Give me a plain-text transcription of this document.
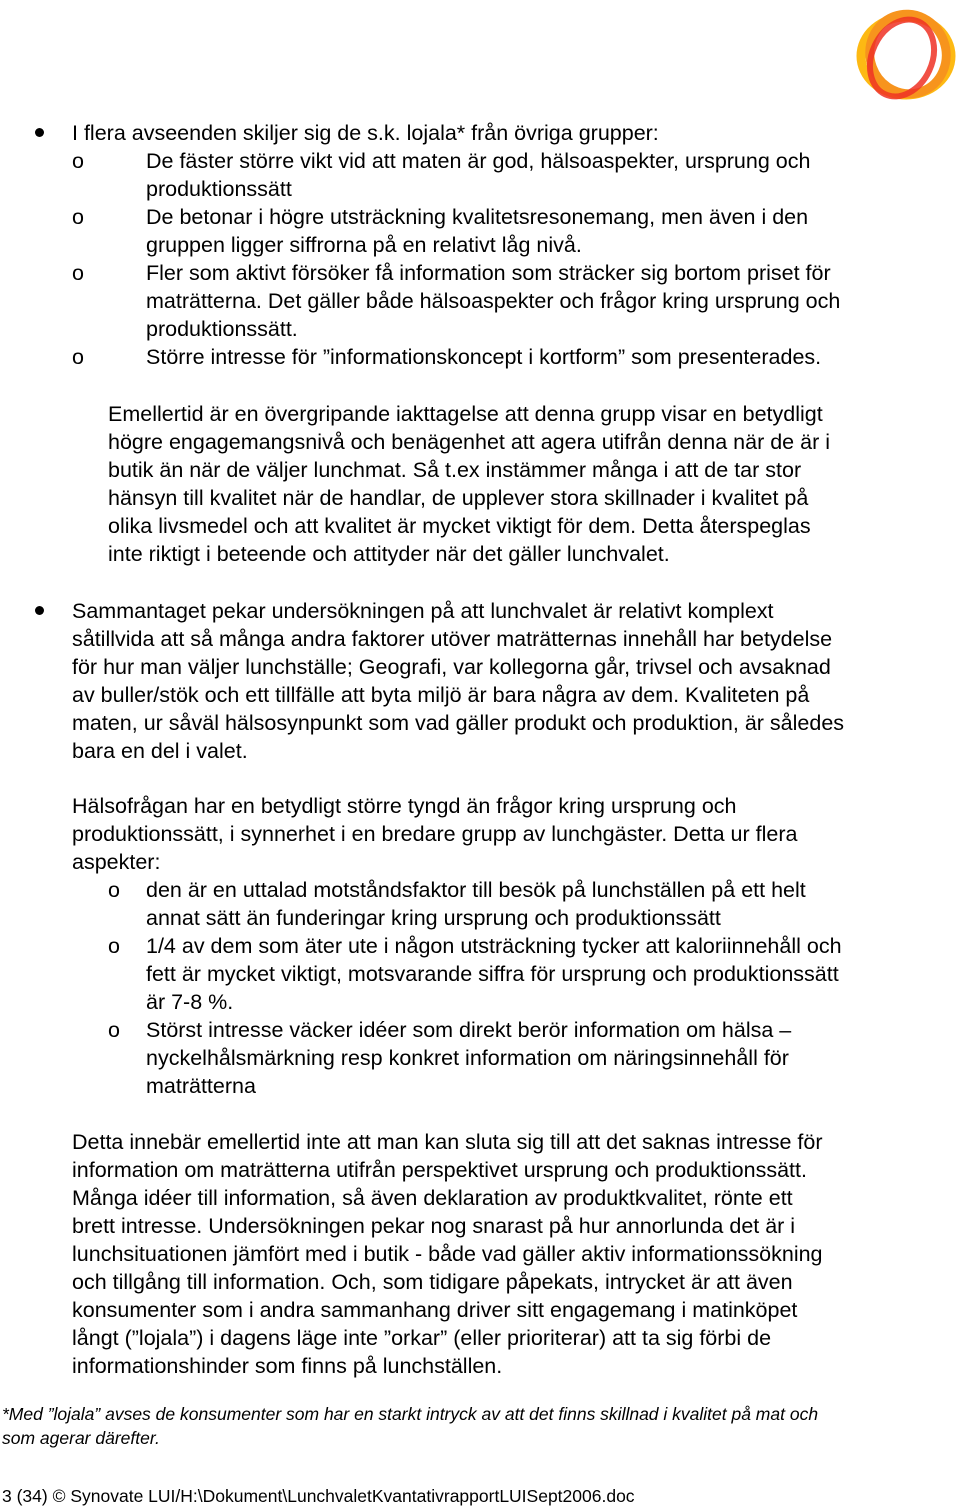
I flera avseenden skiljer sig de s.k. lojala* från övriga grupper:
o	De fäster större vikt vid att maten är god, hälsoaspekter, ursprung och
produktionssätt
o	De betonar i högre utsträckning kvalitetsresonemang, men även i den
gruppen ligger siffrorna på en relativt låg nivå.
o	Fler som aktivt försöker få information som sträcker sig bortom priset för
maträtterna. Det gäller både hälsoaspekter och frågor kring ursprung och
produktionssätt.
o	Större intresse för ”informationskoncept i kortform” som presenterades.
Emellertid är en övergripande iakttagelse att denna grupp visar en betydligt
högre engagemangsnivå och benägenhet att agera utifrån denna när de är i
butik än när de väljer lunchmat. Så t.ex instämmer många i att de tar stor
hänsyn till kvalitet när de handlar, de upplever stora skillnader i kvalitet på
olika livsmedel och att kvalitet är mycket viktigt för dem. Detta återspeglas
inte riktigt i beteende och attityder när det gäller lunchvalet.
Sammantaget pekar undersökningen på att lunchvalet är relativt komplext
såtillvida att så många andra faktorer utöver maträtternas innehåll har betydelse
för hur man väljer lunchställe; Geografi, var kollegorna går, trivsel och avsaknad
av buller/stök och ett tillfälle att byta miljö är bara några av dem. Kvaliteten på
maten, ur såväl hälsosynpunkt som vad gäller produkt och produktion, är således
bara en del i valet.
Hälsofrågan har en betydligt större tyngd än frågor kring ursprung och
produktionssätt, i synnerhet i en bredare grupp av lunchgäster. Detta ur flera
aspekter:
o den är en uttalad motståndsfaktor till besök på lunchställen på ett helt
annat sätt än funderingar kring ursprung och produktionssätt
o 1/4 av dem som äter ute i någon utsträckning tycker att kaloriinnehåll och
fett är mycket viktigt, motsvarande siffra för ursprung och produktionssätt
är 7-8 %.
o Störst intresse väcker idéer som direkt berör information om hälsa –
nyckelhålsmärkning resp konkret information om näringsinnehåll för
maträtterna
Detta innebär emellertid inte att man kan sluta sig till att det saknas intresse för
information om maträtterna utifrån perspektivet ursprung och produktionssätt.
Många idéer till information, så även deklaration av produktkvalitet, rönte ett
brett intresse. Undersökningen pekar nog snarast på hur annorlunda det är i
lunchsituationen jämfört med i butik - både vad gäller aktiv informationssökning
och tillgång till information. Och, som tidigare påpekats, intrycket är att även
konsumenter som i andra sammanhang driver sitt engagemang i matinköpet
långt (”lojala”) i dagens läge inte ”orkar” (eller prioriterar) att ta sig förbi de
informationshinder som finns på lunchställen.
*Med ”lojala” avses de konsumenter som har en starkt intryck av att det finns skillnad i kvalitet på mat och
som agerar därefter.
3 (34) © Synovate LUI/H:\Dokument\LunchvaletKvantativrapportLUISept2006.doc
